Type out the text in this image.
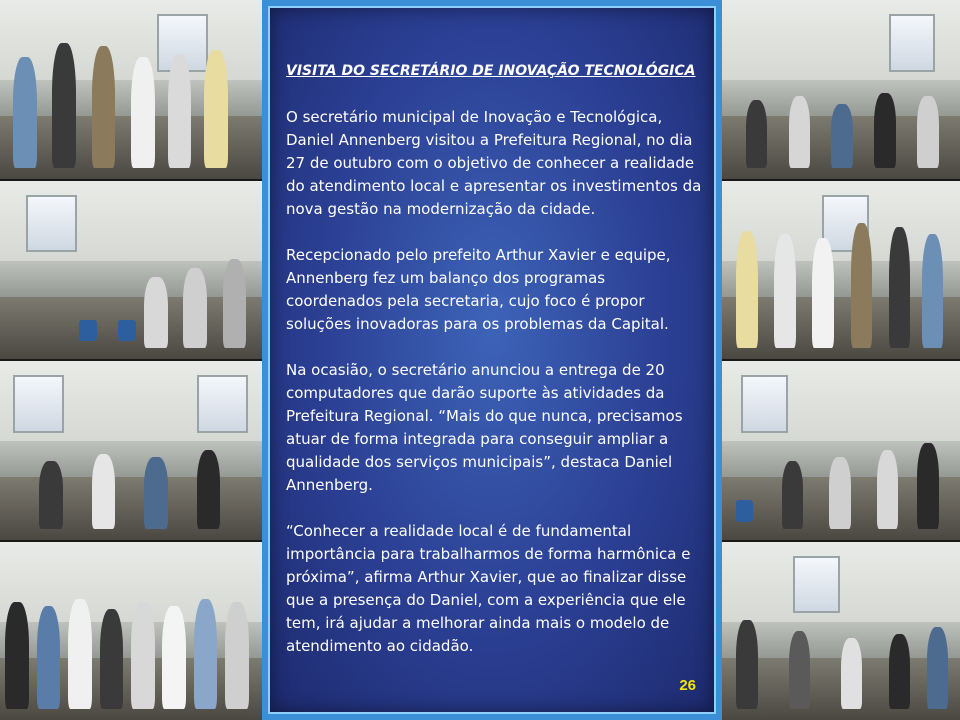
VISITA DO SECRETÁRIO DE INOVAÇÃO TECNOLÓGICA

O secretário municipal de Inovação e Tecnológica, Daniel Annenberg visitou a Prefeitura Regional, no dia 27 de outubro com o objetivo de conhecer a realidade do atendimento local e apresentar os investimentos da nova gestão na modernização da cidade.

Recepcionado pelo prefeito Arthur Xavier e equipe, Annenberg fez um balanço dos programas coordenados pela secretaria, cujo foco é propor soluções inovadoras para os problemas da Capital.

Na ocasião, o secretário anunciou a entrega de 20 computadores que darão suporte às atividades da Prefeitura Regional. “Mais do que nunca, precisamos atuar de forma integrada para conseguir ampliar a qualidade dos serviços municipais”, destaca Daniel Annenberg.

“Conhecer a realidade local é de fundamental importância para trabalharmos de forma harmônica e próxima”, afirma Arthur Xavier, que ao finalizar disse que a presença do Daniel, com a experiência que ele tem, irá ajudar a melhorar ainda mais o modelo de atendimento ao cidadão.

26
